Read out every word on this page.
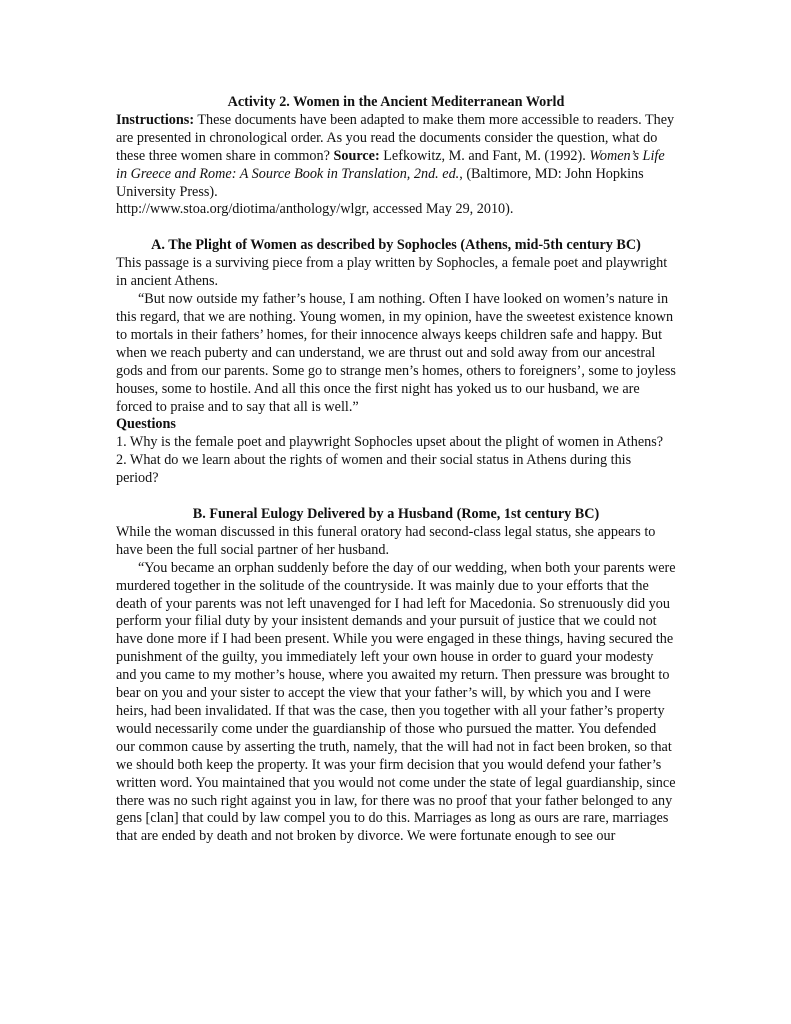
Activity 2. Women in the Ancient Mediterranean World

Instructions: These documents have been adapted to make them more accessible to readers. They are presented in chronological order. As you read the documents consider the question, what do these three women share in common? Source: Lefkowitz, M. and Fant, M. (1992). Women’s Life in Greece and Rome: A Source Book in Translation, 2nd. ed., (Baltimore, MD: John Hopkins University Press).
http://www.stoa.org/diotima/anthology/wlgr, accessed May 29, 2010).

A. The Plight of Women as described by Sophocles (Athens, mid-5th century BC)

This passage is a surviving piece from a play written by Sophocles, a female poet and playwright in ancient Athens.

“But now outside my father’s house, I am nothing. Often I have looked on women’s nature in this regard, that we are nothing. Young women, in my opinion, have the sweetest existence known to mortals in their fathers’ homes, for their innocence always keeps children safe and happy. But when we reach puberty and can understand, we are thrust out and sold away from our ancestral gods and from our parents. Some go to strange men’s homes, others to foreigners’, some to joyless houses, some to hostile. And all this once the first night has yoked us to our husband, we are forced to praise and to say that all is well.”

Questions

1. Why is the female poet and playwright Sophocles upset about the plight of women in Athens?

2. What do we learn about the rights of women and their social status in Athens during this period?

B. Funeral Eulogy Delivered by a Husband (Rome, 1st century BC)

While the woman discussed in this funeral oratory had second-class legal status, she appears to have been the full social partner of her husband.

“You became an orphan suddenly before the day of our wedding, when both your parents were murdered together in the solitude of the countryside. It was mainly due to your efforts that the death of your parents was not left unavenged for I had left for Macedonia. So strenuously did you perform your filial duty by your insistent demands and your pursuit of justice that we could not have done more if I had been present. While you were engaged in these things, having secured the punishment of the guilty, you immediately left your own house in order to guard your modesty and you came to my mother’s house, where you awaited my return. Then pressure was brought to bear on you and your sister to accept the view that your father’s will, by which you and I were heirs, had been invalidated. If that was the case, then you together with all your father’s property would necessarily come under the guardianship of those who pursued the matter. You defended our common cause by asserting the truth, namely, that the will had not in fact been broken, so that we should both keep the property. It was your firm decision that you would defend your father’s written word. You maintained that you would not come under the state of legal guardianship, since there was no such right against you in law, for there was no proof that your father belonged to any gens [clan] that could by law compel you to do this. Marriages as long as ours are rare, marriages that are ended by death and not broken by divorce. We were fortunate enough to see our
